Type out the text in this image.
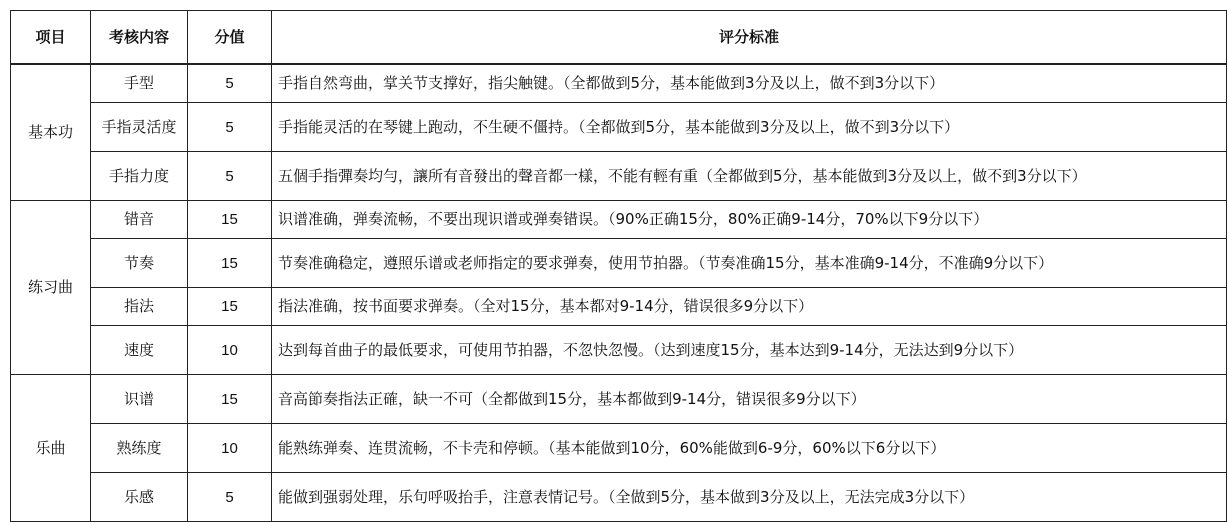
项目	考核内容	分值	评分标准
基本功	手型	5	手指自然弯曲，掌关节支撑好，指尖触键。（全都做到5分，基本能做到3分及以上，做不到3分以下）
	手指灵活度	5	手指能灵活的在琴键上跑动，不生硬不僵持。（全都做到5分，基本能做到3分及以上，做不到3分以下）
	手指力度	5	五個手指彈奏均勻，讓所有音發出的聲音都一樣，不能有輕有重（全都做到5分，基本能做到3分及以上，做不到3分以下）
练习曲	错音	15	识谱准确，弹奏流畅，不要出现识谱或弹奏错误。（90%正确15分，80%正确9-14分，70%以下9分以下）
	节奏	15	节奏准确稳定，遵照乐谱或老师指定的要求弹奏，使用节拍器。（节奏准确15分，基本准确9-14分，不准确9分以下）
	指法	15	指法准确，按书面要求弹奏。（全对15分，基本都对9-14分，错误很多9分以下）
	速度	10	达到每首曲子的最低要求，可使用节拍器，不忽快忽慢。（达到速度15分，基本达到9-14分，无法达到9分以下）
乐曲	识谱	15	音高節奏指法正確，缺一不可（全都做到15分，基本都做到9-14分，错误很多9分以下）
	熟练度	10	能熟练弹奏、连贯流畅，不卡壳和停顿。（基本能做到10分，60%能做到6-9分，60%以下6分以下）
	乐感	5	能做到强弱处理，乐句呼吸抬手，注意表情记号。（全做到5分，基本做到3分及以上，无法完成3分以下）
